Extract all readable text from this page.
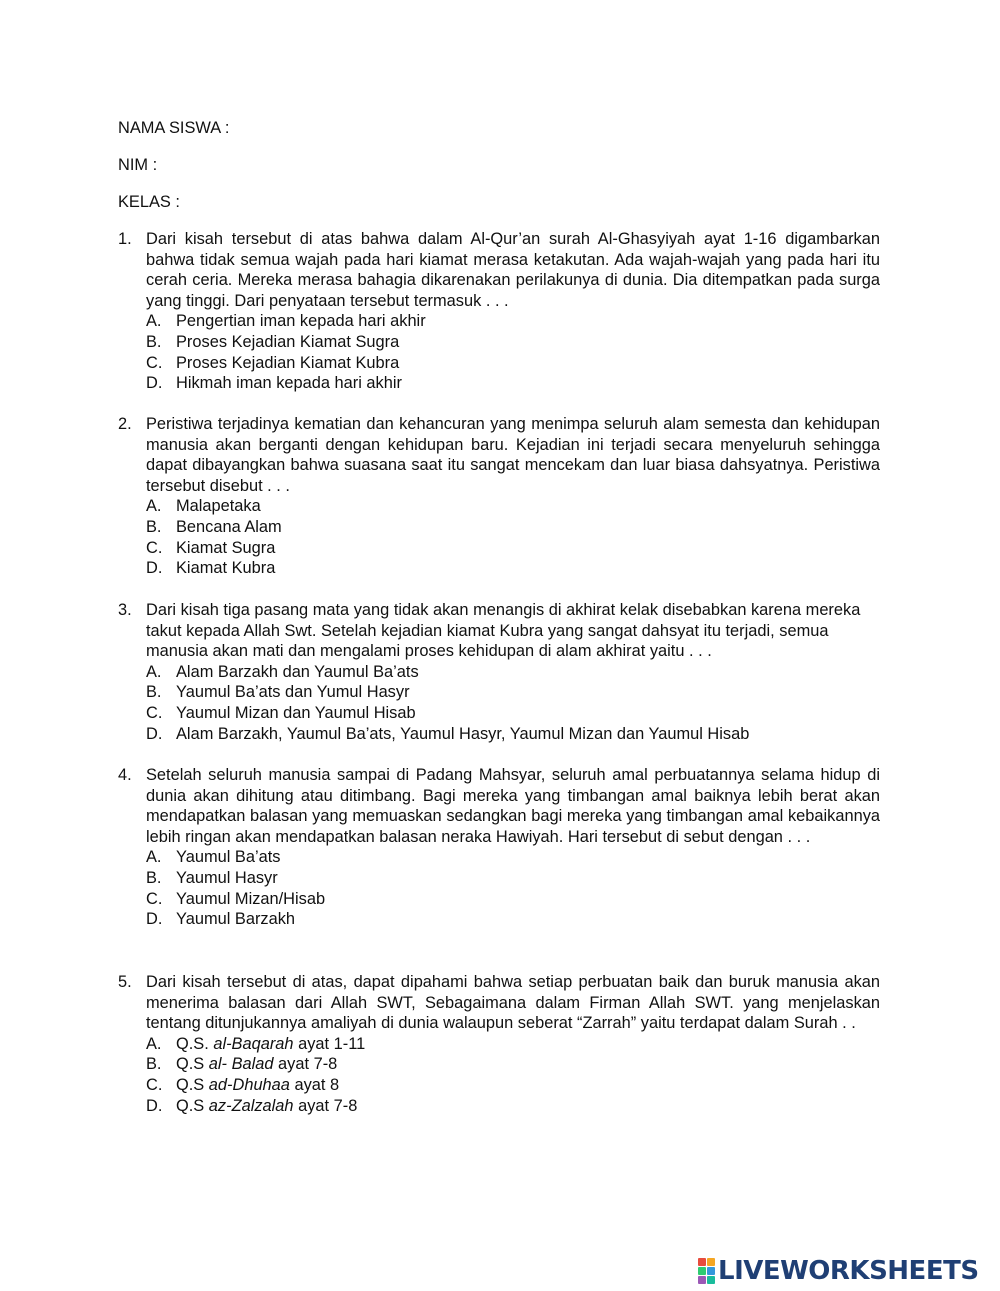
NAMA SISWA :
NIM :
KELAS :
1. Dari kisah tersebut di atas bahwa dalam Al-Qur’an surah Al-Ghasyiyah ayat 1-16 digambarkan bahwa tidak semua wajah pada hari kiamat merasa ketakutan. Ada wajah-wajah yang pada hari itu cerah ceria. Mereka merasa bahagia dikarenakan perilakunya di dunia. Dia ditempatkan pada surga yang tinggi. Dari penyataan tersebut termasuk . . .
A. Pengertian iman kepada hari akhir
B. Proses Kejadian Kiamat Sugra
C. Proses Kejadian Kiamat Kubra
D. Hikmah iman kepada hari akhir
2. Peristiwa terjadinya kematian dan kehancuran yang menimpa seluruh alam semesta dan kehidupan manusia akan berganti dengan kehidupan baru. Kejadian ini terjadi secara menyeluruh sehingga dapat dibayangkan bahwa suasana saat itu sangat mencekam dan luar biasa dahsyatnya. Peristiwa tersebut disebut . . .
A. Malapetaka
B. Bencana Alam
C. Kiamat Sugra
D. Kiamat Kubra
3. Dari kisah tiga pasang mata yang tidak akan menangis di akhirat kelak disebabkan karena mereka takut kepada Allah Swt. Setelah kejadian kiamat Kubra yang sangat dahsyat itu terjadi, semua manusia akan mati dan mengalami proses kehidupan di alam akhirat yaitu . . .
A. Alam Barzakh dan Yaumul Ba’ats
B. Yaumul Ba’ats dan Yumul Hasyr
C. Yaumul Mizan dan Yaumul Hisab
D. Alam Barzakh, Yaumul Ba’ats, Yaumul Hasyr, Yaumul Mizan dan Yaumul Hisab
4. Setelah seluruh manusia sampai di Padang Mahsyar, seluruh amal perbuatannya selama hidup di dunia akan dihitung atau ditimbang. Bagi mereka yang timbangan amal baiknya lebih berat akan mendapatkan balasan yang memuaskan sedangkan bagi mereka yang timbangan amal kebaikannya lebih ringan akan mendapatkan balasan neraka Hawiyah. Hari tersebut di sebut dengan . . .
A. Yaumul Ba’ats
B. Yaumul Hasyr
C. Yaumul Mizan/Hisab
D. Yaumul Barzakh
5. Dari kisah tersebut di atas, dapat dipahami bahwa setiap perbuatan baik dan buruk manusia akan menerima balasan dari Allah SWT, Sebagaimana dalam Firman Allah SWT. yang menjelaskan tentang ditunjukannya amaliyah di dunia walaupun seberat “Zarrah” yaitu terdapat dalam Surah . .
A. Q.S. al-Baqarah ayat 1-11
B. Q.S al- Balad ayat 7-8
C. Q.S ad-Dhuhaa ayat 8
D. Q.S az-Zalzalah ayat 7-8
LIVEWORKSHEETS
